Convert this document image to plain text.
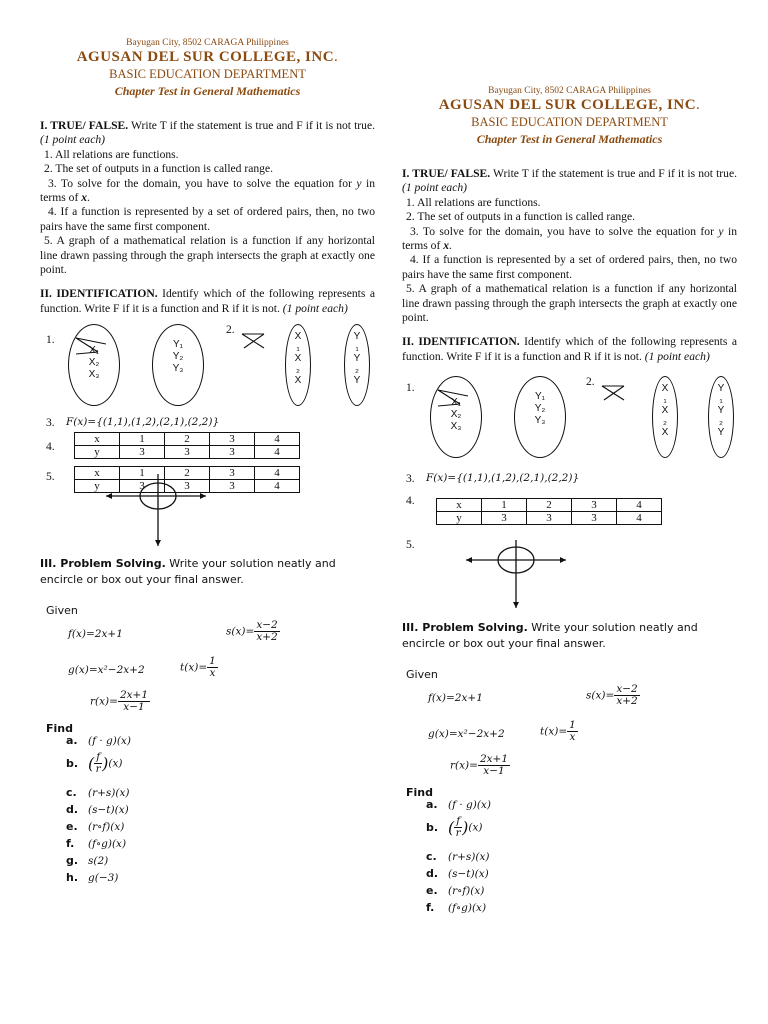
Bayugan City, 8502 CARAGA Philippines
AGUSAN DEL SUR COLLEGE, INC.
BASIC EDUCATION DEPARTMENT
Chapter Test in General Mathematics

I. TRUE/ FALSE. Write T if the statement is true and F if it is not true. (1 point each)

1. All relations are functions.

2. The set of outputs in a function is called range.

3. To solve for the domain, you have to solve the equation for y in terms of x.

4. If a function is represented by a set of ordered pairs, then, no two pairs have the same first component.

5. A graph of a mathematical relation is a function if any horizontal line drawn passing through the graph intersects the graph at exactly one point.

II. IDENTIFICATION. Identify which of the following represents a function. Write F if it is a function and R if it is not. (1 point each)

1.
X₁
X₂
X₃
Y₁
Y₂
Y₃
2.
X
₁
X
₂
X
Y
₁
Y
₂
Y
3. F(x)={(1,1),(1,2),(2,1),(2,2)}
4.
x	1	2	3	4
y	3	3	3	4
5.	x	1	2	3	4
y	3	3	3	4

III. Problem Solving. Write your solution neatly and encircle or box out your final answer.

Given
f(x)=2x+1	$s(x)= \frac{x-2}{x+2}$
g(x)=x²−2x+2	$t(x)= \frac{1}{x}$
$r(x)= \frac{2x+1}{x-1}$
Find
a. (f · g)(x)
b. ( $\frac{f}{r} )(x)$
c. (r+s)(x)
d. (s−t)(x)
e. (r∘f)(x)
f. (f∘g)(x)
g. s(2)
h. g(−3)
Bayugan City, 8502 CARAGA Philippines
AGUSAN DEL SUR COLLEGE, INC.
BASIC EDUCATION DEPARTMENT
Chapter Test in General Mathematics

I. TRUE/ FALSE. Write T if the statement is true and F if it is not true. (1 point each)

1. All relations are functions.

2. The set of outputs in a function is called range.

3. To solve for the domain, you have to solve the equation for y in terms of x.

4. If a function is represented by a set of ordered pairs, then, no two pairs have the same first component.

5. A graph of a mathematical relation is a function if any horizontal line drawn passing through the graph intersects the graph at exactly one point.

II. IDENTIFICATION. Identify which of the following represents a function. Write F if it is a function and R if it is not. (1 point each)

1.
X₁
X₂
X₃
Y₁
Y₂
Y₃
2.
X
₁
X
₂
X
Y
₁
Y
₂
Y
3. F(x)={(1,1),(1,2),(2,1),(2,2)}
4.	x	1	2	3	4
y	3	3	3	4
5.

III. Problem Solving. Write your solution neatly and encircle or box out your final answer.

Given
f(x)=2x+1	$s(x)= \frac{x-2}{x+2}$
g(x)=x²−2x+2	$t(x)= \frac{1}{x}$
$r(x)= \frac{2x+1}{x-1}$
Find
a. (f · g)(x)
b. ( $\frac{f}{r} )(x)$
c. (r+s)(x)
d. (s−t)(x)
e. (r∘f)(x)
f. (f∘g)(x)
